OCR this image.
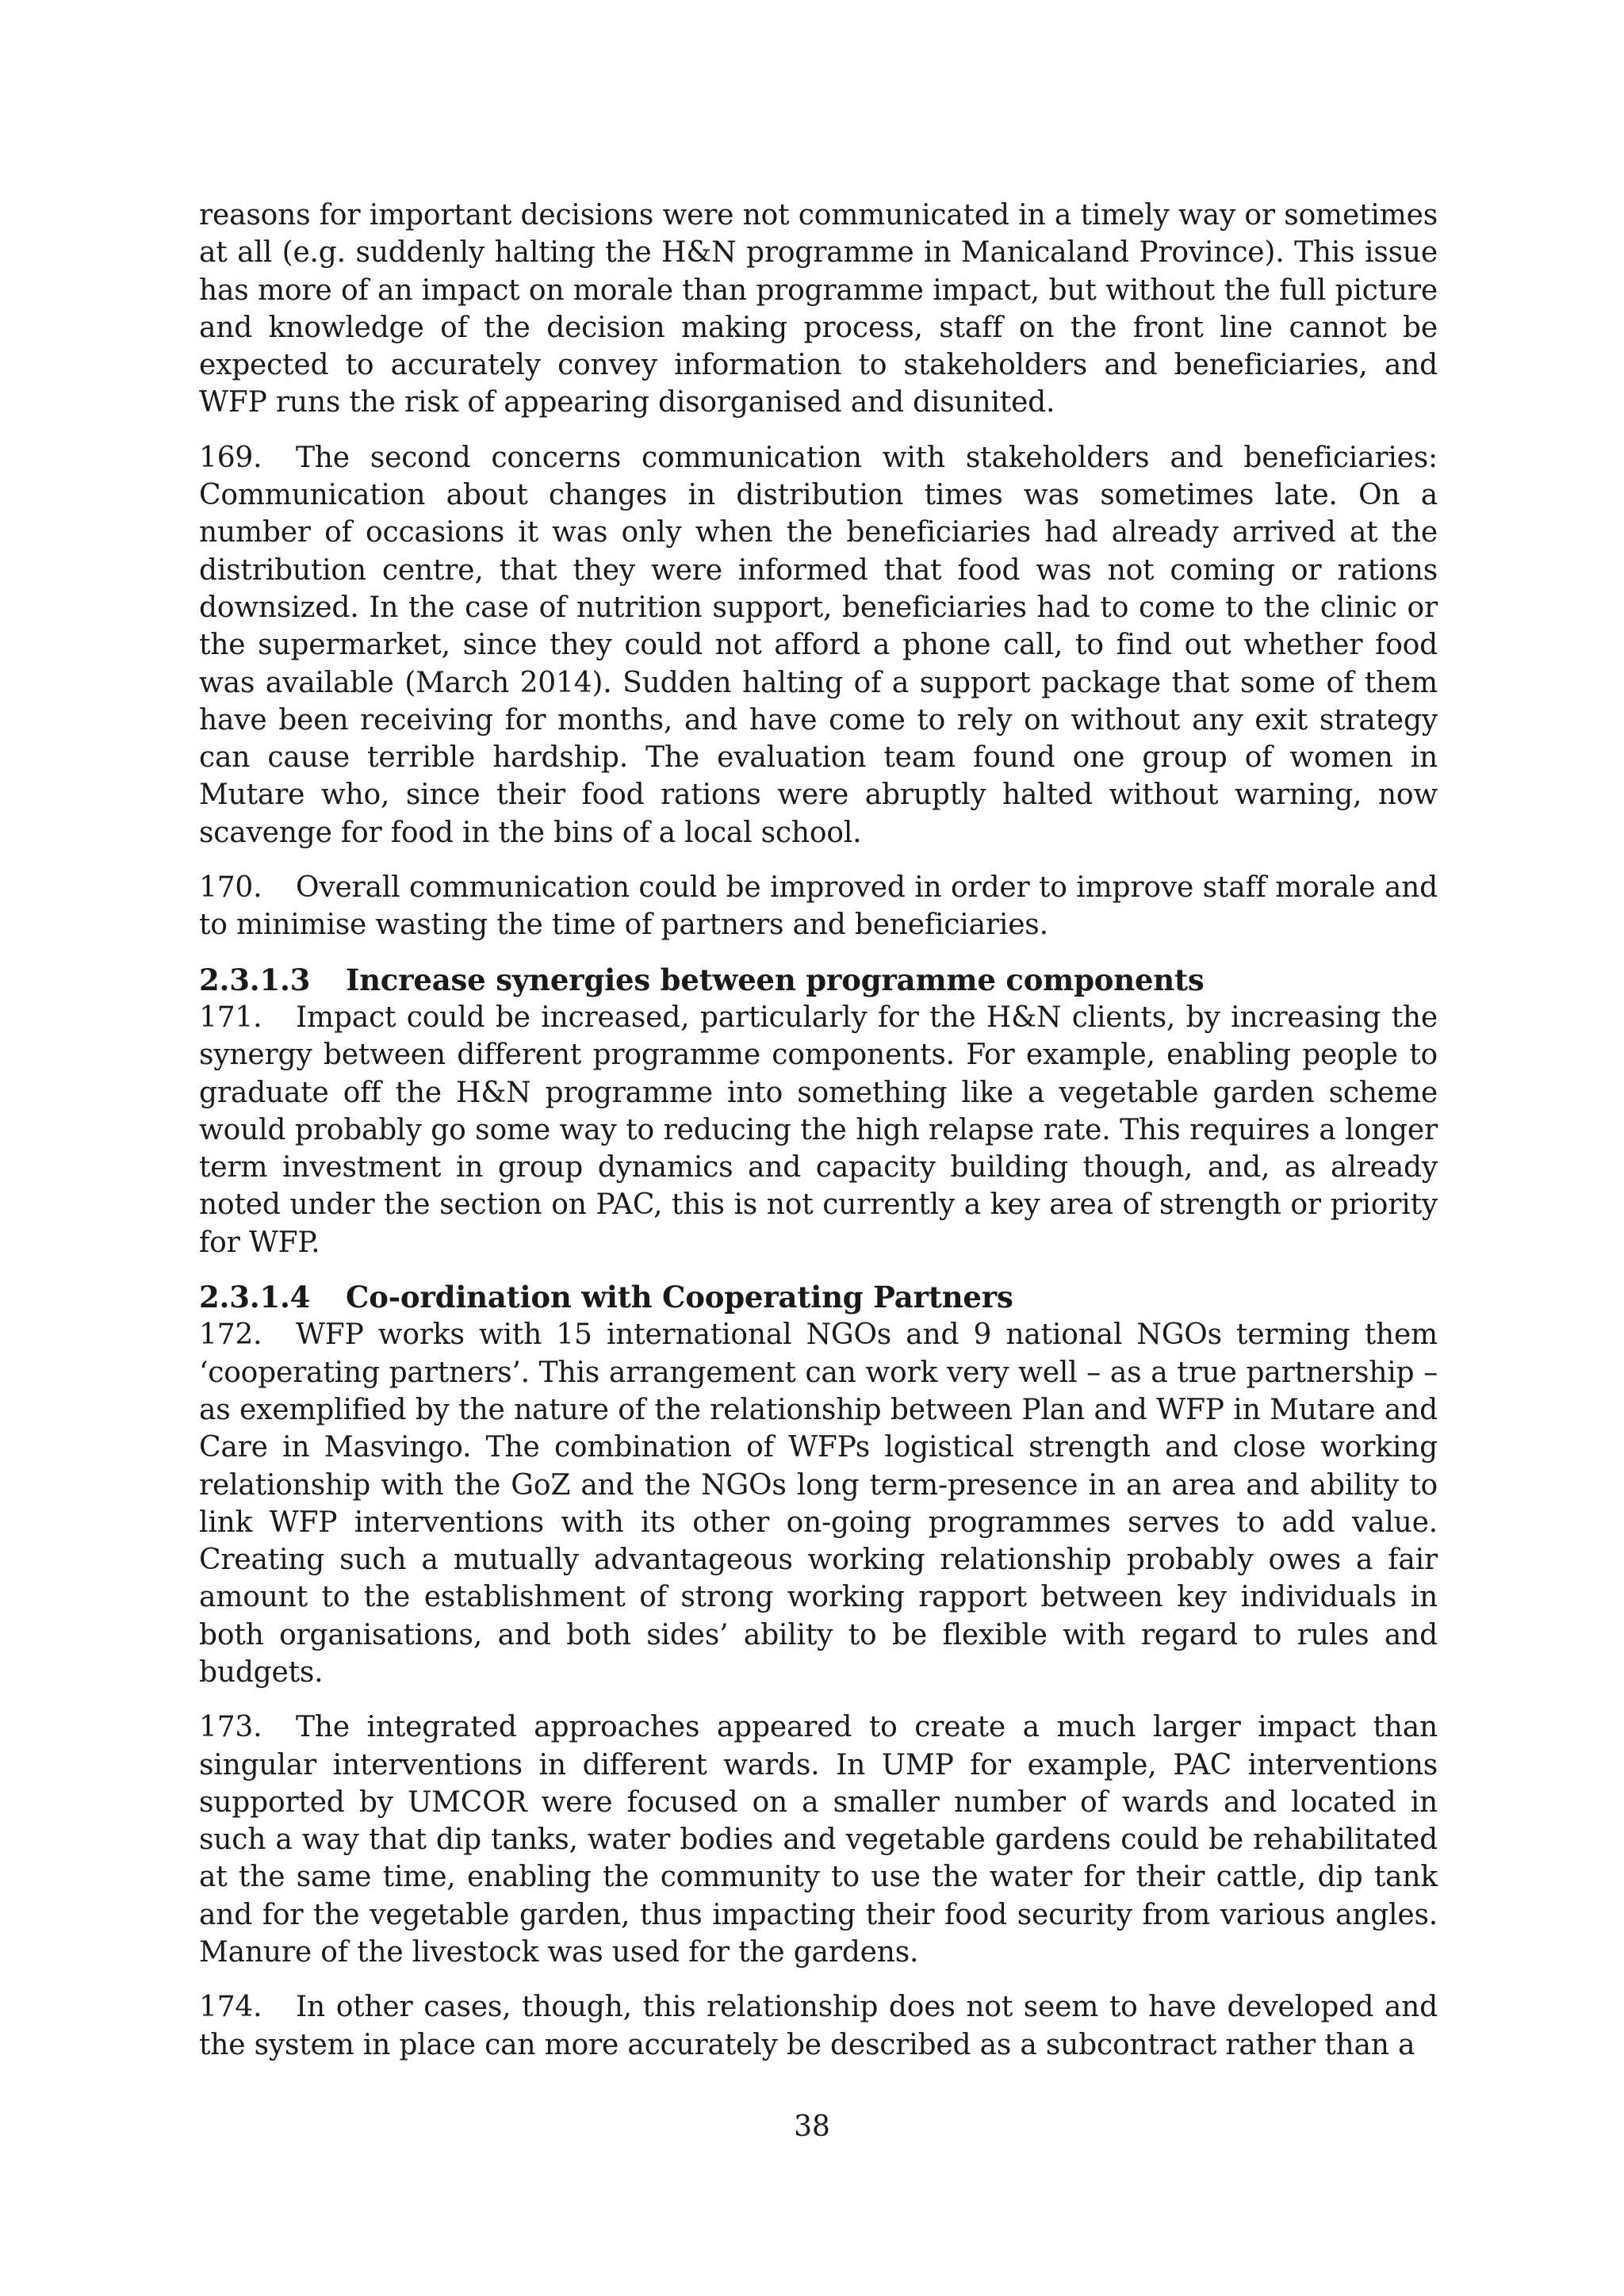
reasons for important decisions were not communicated in a timely way or sometimes at all (e.g. suddenly halting the H&N programme in Manicaland Province). This issue has more of an impact on morale than programme impact, but without the full picture and knowledge of the decision making process, staff on the front line cannot be expected to accurately convey information to stakeholders and beneficiaries, and WFP runs the risk of appearing disorganised and disunited.

169. The second concerns communication with stakeholders and beneficiaries: Communication about changes in distribution times was sometimes late. On a number of occasions it was only when the beneficiaries had already arrived at the distribution centre, that they were informed that food was not coming or rations downsized. In the case of nutrition support, beneficiaries had to come to the clinic or the supermarket, since they could not afford a phone call, to find out whether food was available (March 2014). Sudden halting of a support package that some of them have been receiving for months, and have come to rely on without any exit strategy can cause terrible hardship. The evaluation team found one group of women in Mutare who, since their food rations were abruptly halted without warning, now scavenge for food in the bins of a local school.

170. Overall communication could be improved in order to improve staff morale and to minimise wasting the time of partners and beneficiaries.

2.3.1.3 Increase synergies between programme components

171. Impact could be increased, particularly for the H&N clients, by increasing the synergy between different programme components. For example, enabling people to graduate off the H&N programme into something like a vegetable garden scheme would probably go some way to reducing the high relapse rate. This requires a longer term investment in group dynamics and capacity building though, and, as already noted under the section on PAC, this is not currently a key area of strength or priority for WFP.

2.3.1.4 Co-ordination with Cooperating Partners

172. WFP works with 15 international NGOs and 9 national NGOs terming them ‘cooperating partners’. This arrangement can work very well – as a true partnership – as exemplified by the nature of the relationship between Plan and WFP in Mutare and Care in Masvingo. The combination of WFPs logistical strength and close working relationship with the GoZ and the NGOs long term-presence in an area and ability to link WFP interventions with its other on-going programmes serves to add value. Creating such a mutually advantageous working relationship probably owes a fair amount to the establishment of strong working rapport between key individuals in both organisations, and both sides’ ability to be flexible with regard to rules and budgets.

173. The integrated approaches appeared to create a much larger impact than singular interventions in different wards. In UMP for example, PAC interventions supported by UMCOR were focused on a smaller number of wards and located in such a way that dip tanks, water bodies and vegetable gardens could be rehabilitated at the same time, enabling the community to use the water for their cattle, dip tank and for the vegetable garden, thus impacting their food security from various angles. Manure of the livestock was used for the gardens.

174. In other cases, though, this relationship does not seem to have developed and the system in place can more accurately be described as a subcontract rather than a

38
